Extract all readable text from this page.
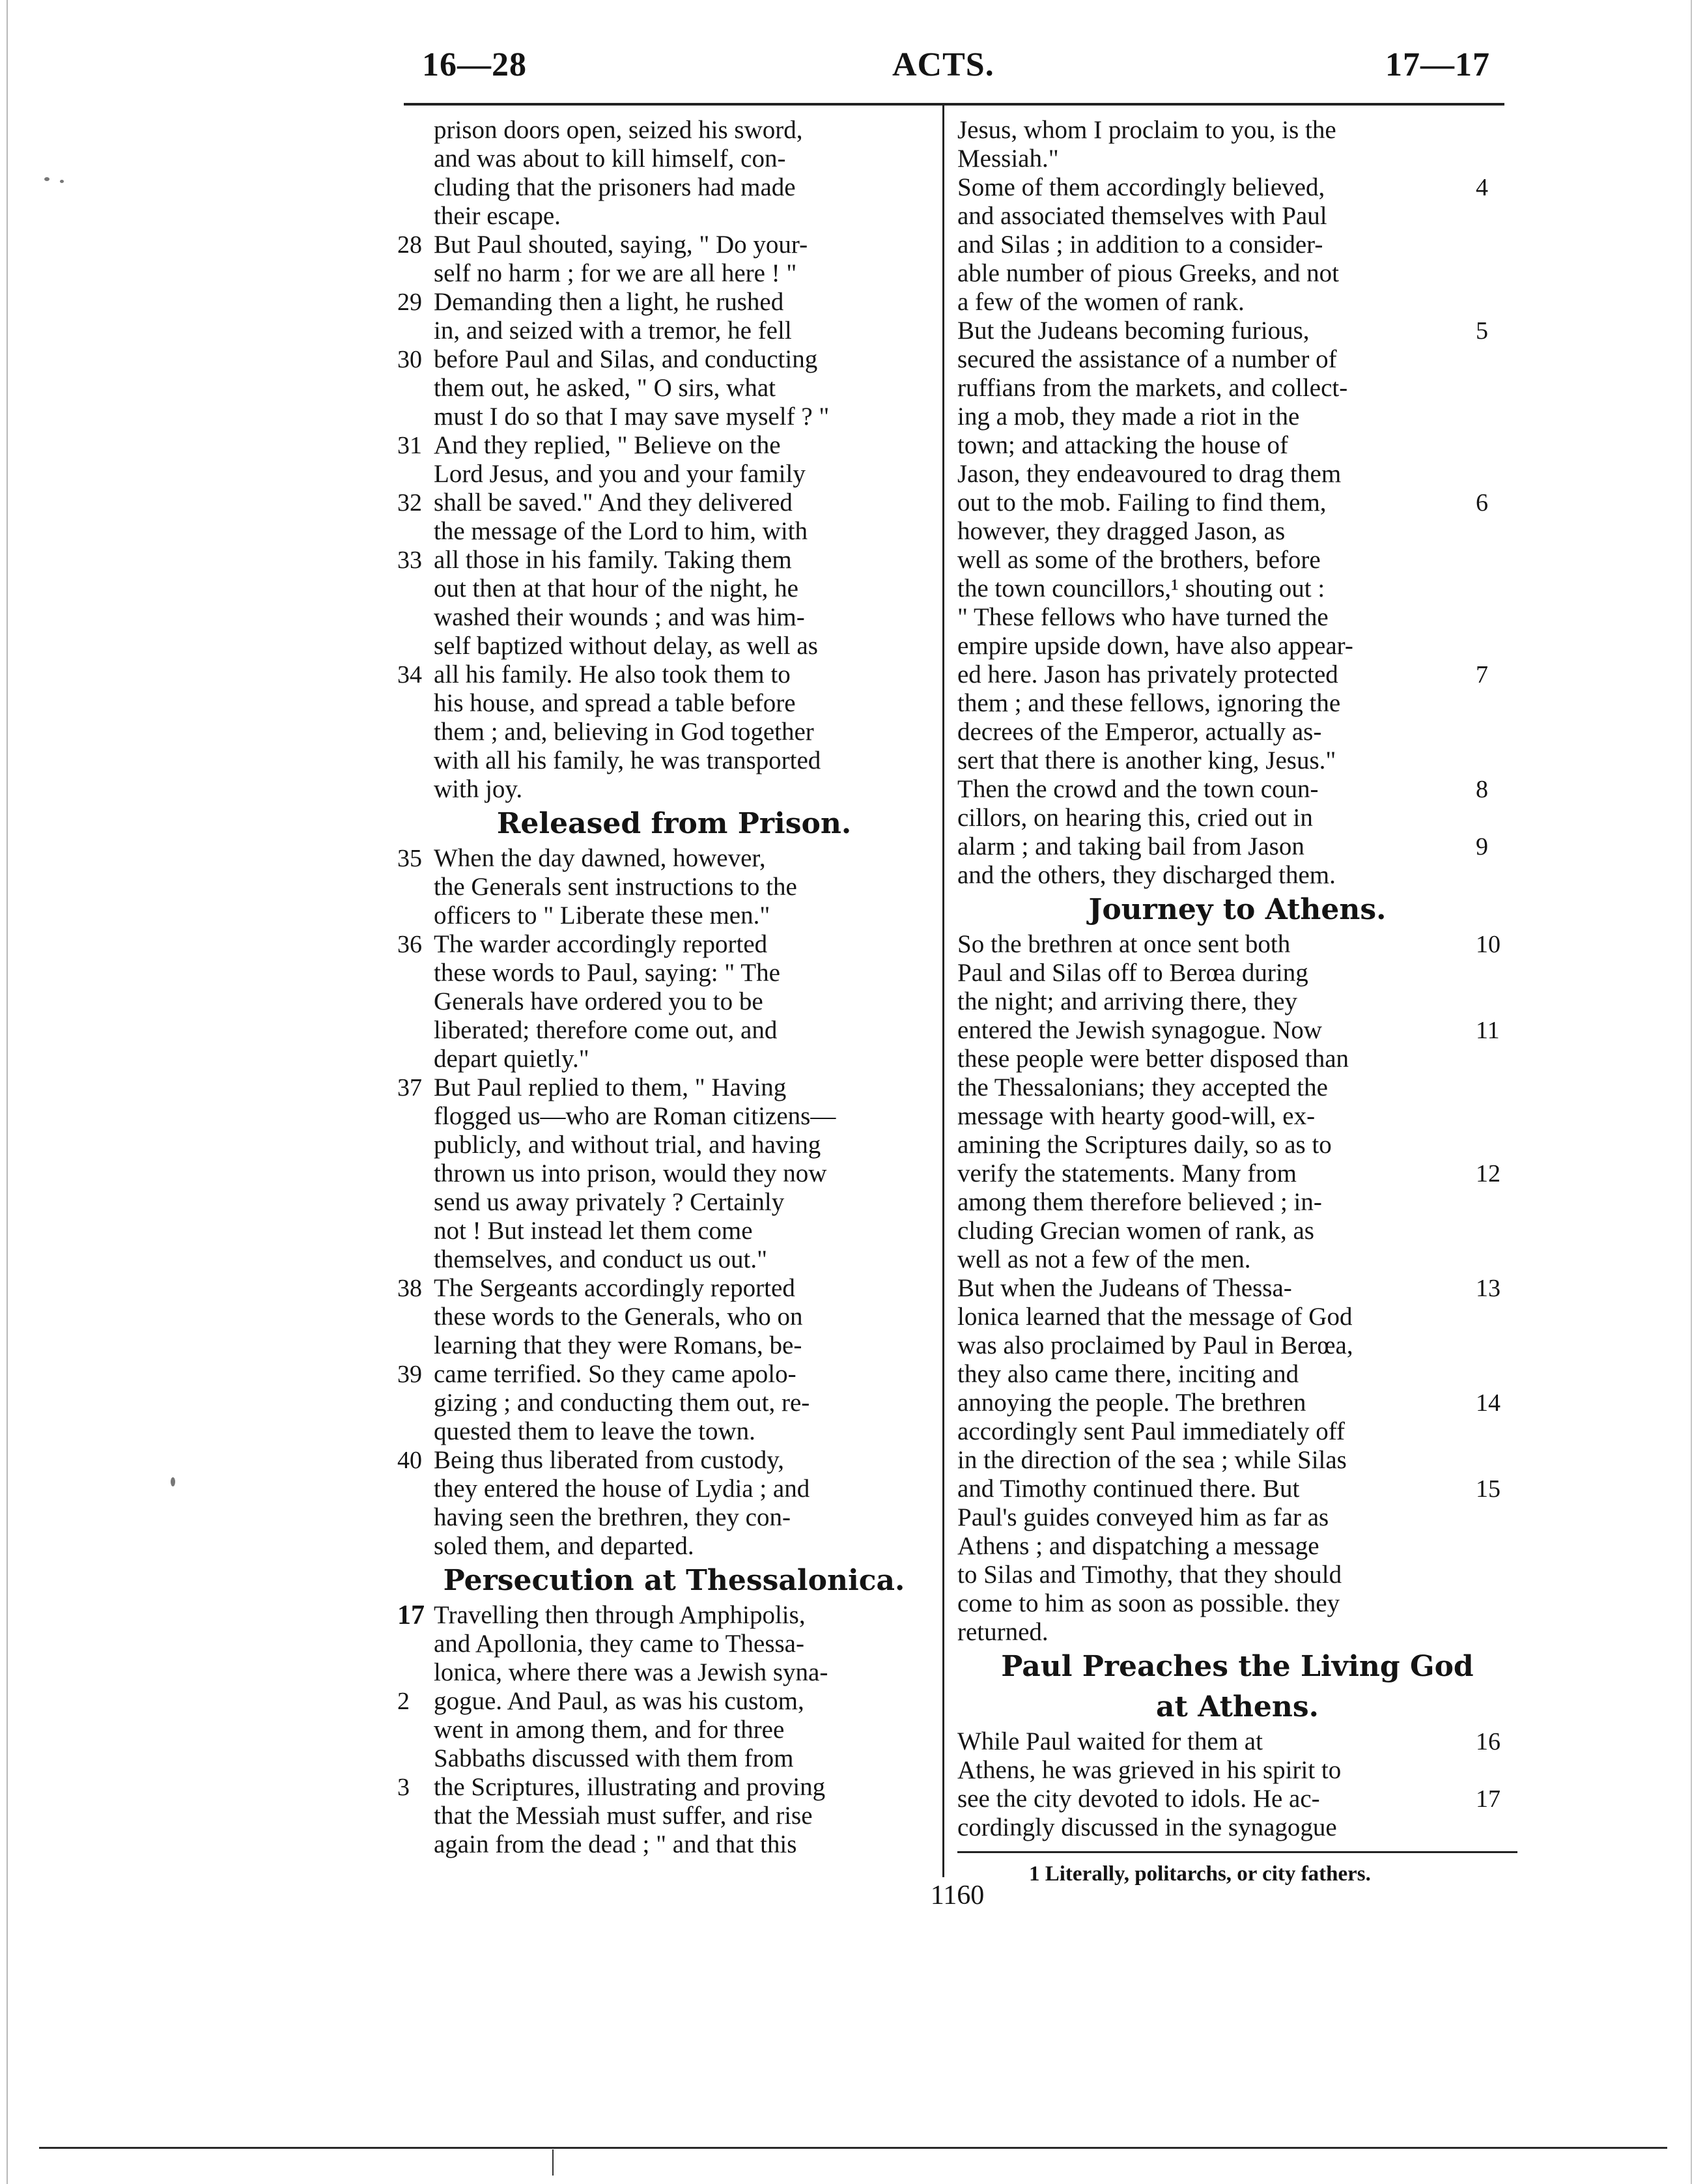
16—28	ACTS.	17—17
prison doors open, seized his sword,
and was about to kill himself, con-
cluding that the prisoners had made
their escape.
But Paul shouted, saying, " Do your-
28
self no harm ; for we are all here ! "
Demanding then a light, he rushed
29
in, and seized with a tremor, he fell
before Paul and Silas, and conducting
30
them out, he asked, " O sirs, what
must I do so that I may save myself ? "
And they replied, " Believe on the
31
Lord Jesus, and you and your family
shall be saved." And they delivered
32
the message of the Lord to him, with
all those in his family. Taking them
33
out then at that hour of the night, he
washed their wounds ; and was him-
self baptized without delay, as well as
all his family. He also took them to
34
his house, and spread a table before
them ; and, believing in God together
with all his family, he was transported
with joy.
Released from Prison.
When the day dawned, however,
35
the Generals sent instructions to the
officers to " Liberate these men."
The warder accordingly reported
36
these words to Paul, saying: " The
Generals have ordered you to be
liberated; therefore come out, and
depart quietly."
But Paul replied to them, " Having
37
flogged us—who are Roman citizens—
publicly, and without trial, and having
thrown us into prison, would they now
send us away privately ? Certainly
not ! But instead let them come
themselves, and conduct us out."
The Sergeants accordingly reported
38
these words to the Generals, who on
learning that they were Romans, be-
came terrified. So they came apolo-
39
gizing ; and conducting them out, re-
quested them to leave the town.
Being thus liberated from custody,
40
they entered the house of Lydia ; and
having seen the brethren, they con-
soled them, and departed.
Persecution at Thessalonica.
Travelling then through Amphipolis,
17
and Apollonia, they came to Thessa-
lonica, where there was a Jewish syna-
gogue. And Paul, as was his custom,
2
went in among them, and for three
Sabbaths discussed with them from
the Scriptures, illustrating and proving
3
that the Messiah must suffer, and rise
again from the dead ; " and that this
Jesus, whom I proclaim to you, is the
Messiah."
Some of them accordingly believed,	4
and associated themselves with Paul
and Silas ; in addition to a consider-
able number of pious Greeks, and not
a few of the women of rank.
But the Judeans becoming furious,	5
secured the assistance of a number of
ruffians from the markets, and collect-
ing a mob, they made a riot in the
town; and attacking the house of
Jason, they endeavoured to drag them
out to the mob. Failing to find them,	6
however, they dragged Jason, as
well as some of the brothers, before
the town councillors,¹ shouting out :
" These fellows who have turned the
empire upside down, have also appear-
ed here. Jason has privately protected	7
them ; and these fellows, ignoring the
decrees of the Emperor, actually as-
sert that there is another king, Jesus."
Then the crowd and the town coun-	8
cillors, on hearing this, cried out in
alarm ; and taking bail from Jason	9
and the others, they discharged them.
Journey to Athens.
So the brethren at once sent both	10
Paul and Silas off to Berœa during
the night; and arriving there, they
entered the Jewish synagogue. Now	11
these people were better disposed than
the Thessalonians; they accepted the
message with hearty good-will, ex-
amining the Scriptures daily, so as to
verify the statements. Many from	12
among them therefore believed ; in-
cluding Grecian women of rank, as
well as not a few of the men.
But when the Judeans of Thessa-	13
lonica learned that the message of God
was also proclaimed by Paul in Berœa,
they also came there, inciting and
annoying the people. The brethren	14
accordingly sent Paul immediately off
in the direction of the sea ; while Silas
and Timothy continued there. But	15
Paul's guides conveyed him as far as
Athens ; and dispatching a message
to Silas and Timothy, that they should
come to him as soon as possible. they
returned.
Paul Preaches the Living God
at Athens.
While Paul waited for them at	16
Athens, he was grieved in his spirit to
see the city devoted to idols. He ac-	17
cordingly discussed in the synagogue
1 Literally, politarchs, or city fathers.
1160
